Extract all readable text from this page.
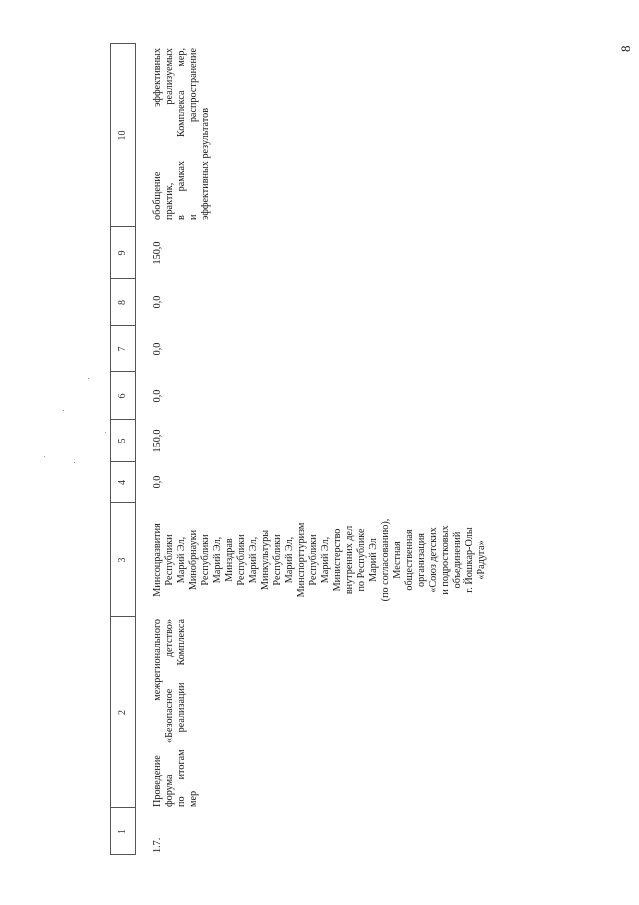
8
1
2
3
4
5
6
7
8
9
10
1.7.
Проведение межрегионального форума «Безопасное детство» по итогам реализации Комплекса мер
Минсоцразвития Республики Марий Эл, Минобрнауки Республики Марий Эл, Минздрав Республики Марий Эл, Минкультуры Республики Марий Эл, Минспорттуризм Республики Марий Эл, Министерство внутренних дел по Республике Марий Эл (по согласованию), Местная общественная организация «Союз детских и подростковых объединений г. Йошкар-Олы «Радуга»
0,0
150,0
0,0
0,0
0,0
150,0
обобщение эффективных практик, реализуемых в рамках Комплекса мер, и распространение эффективных результатов
